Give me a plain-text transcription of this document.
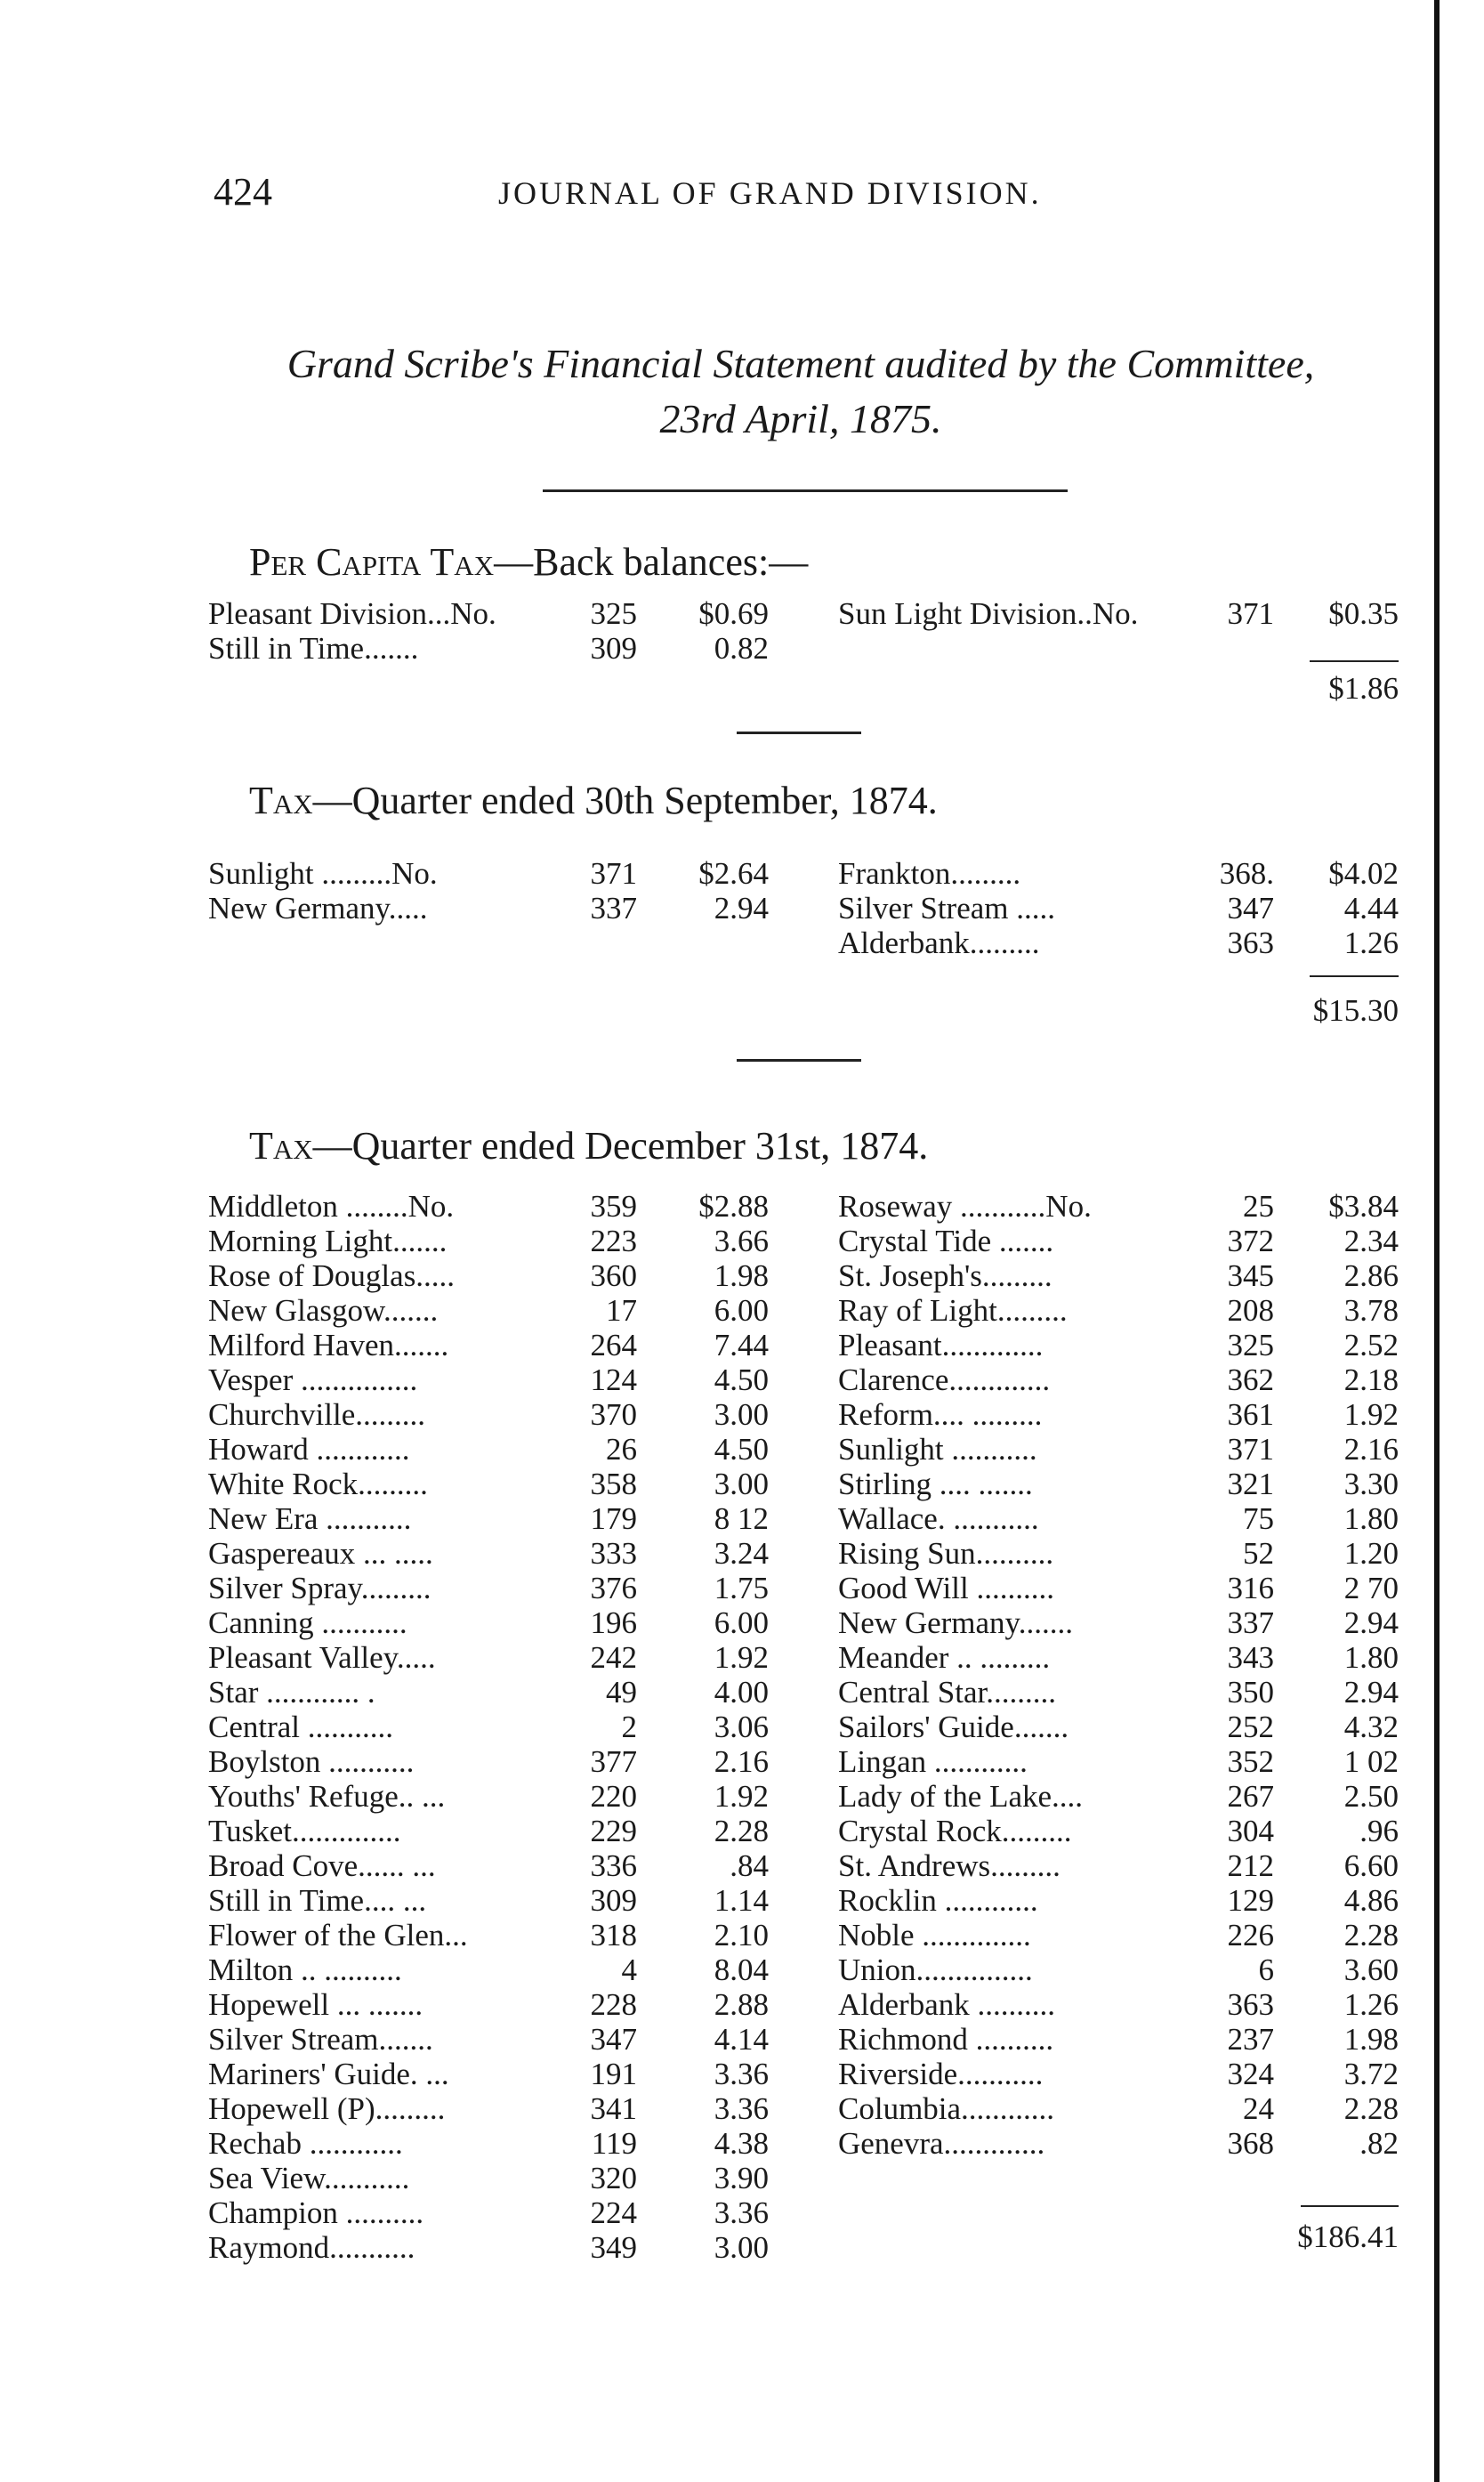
424	JOURNAL OF GRAND DIVISION.
Grand Scribe's Financial Statement audited by the Committee,
23rd April, 1875.
Per Capita Tax—Back balances:—
Pleasant Division...No.	325 $0.69
Still in Time.......	309 0.82
Sun Light Division..No.	371 $0.35
$1.86
Tax—Quarter ended 30th September, 1874.
Sunlight .........No.	371 $2.64
New Germany.....	337 2.94
Frankton.........	368. $4.02
Silver Stream .....	347 4.44
Alderbank.........	363 1.26
$15.30
Tax—Quarter ended December 31st, 1874.
Middleton ........No.	359 $2.88
Morning Light.......	223 3.66
Rose of Douglas.....	360 1.98
New Glasgow.......	17 6.00
Milford Haven.......	264 7.44
Vesper ...............	124 4.50
Churchville.........	370 3.00
Howard ............	26 4.50
White Rock.........	358 3.00
New Era ...........	179 8 12
Gaspereaux ... .....	333 3.24
Silver Spray.........	376 1.75
Canning ...........	196 6.00
Pleasant Valley.....	242 1.92
Star ............ .	49 4.00
Central ...........	2 3.06
Boylston ...........	377 2.16
Youths' Refuge.. ...	220 1.92
Tusket..............	229 2.28
Broad Cove...... ...	336	.84
Still in Time.... ...	309 1.14
Flower of the Glen...	318 2.10
Milton .. ..........	4 8.04
Hopewell ... .......	228 2.88
Silver Stream.......	347 4.14
Mariners' Guide. ...	191 3.36
Hopewell (P).........	341 3.36
Rechab ............	119 4.38
Sea View...........	320 3.90
Champion ..........	224 3.36
Raymond...........	349 3.00
Roseway ...........No.	25 $3.84
Crystal Tide .......	372 2.34
St. Joseph's.........	345 2.86
Ray of Light.........	208 3.78
Pleasant.............	325 2.52
Clarence.............	362 2.18
Reform.... .........	361 1.92
Sunlight ...........	371 2.16
Stirling .... .......	321 3.30
Wallace. ...........	75 1.80
Rising Sun..........	52 1.20
Good Will ..........	316 2 70
New Germany.......	337 2.94
Meander .. .........	343 1.80
Central Star.........	350 2.94
Sailors' Guide.......	252 4.32
Lingan ............	352 1 02
Lady of the Lake....	267 2.50
Crystal Rock.........	304	.96
St. Andrews.........	212 6.60
Rocklin ............	129 4.86
Noble ..............	226 2.28
Union...............	6 3.60
Alderbank ..........	363 1.26
Richmond ..........	237 1.98
Riverside...........	324 3.72
Columbia............	24 2.28
Genevra.............	368	.82
$186.41
